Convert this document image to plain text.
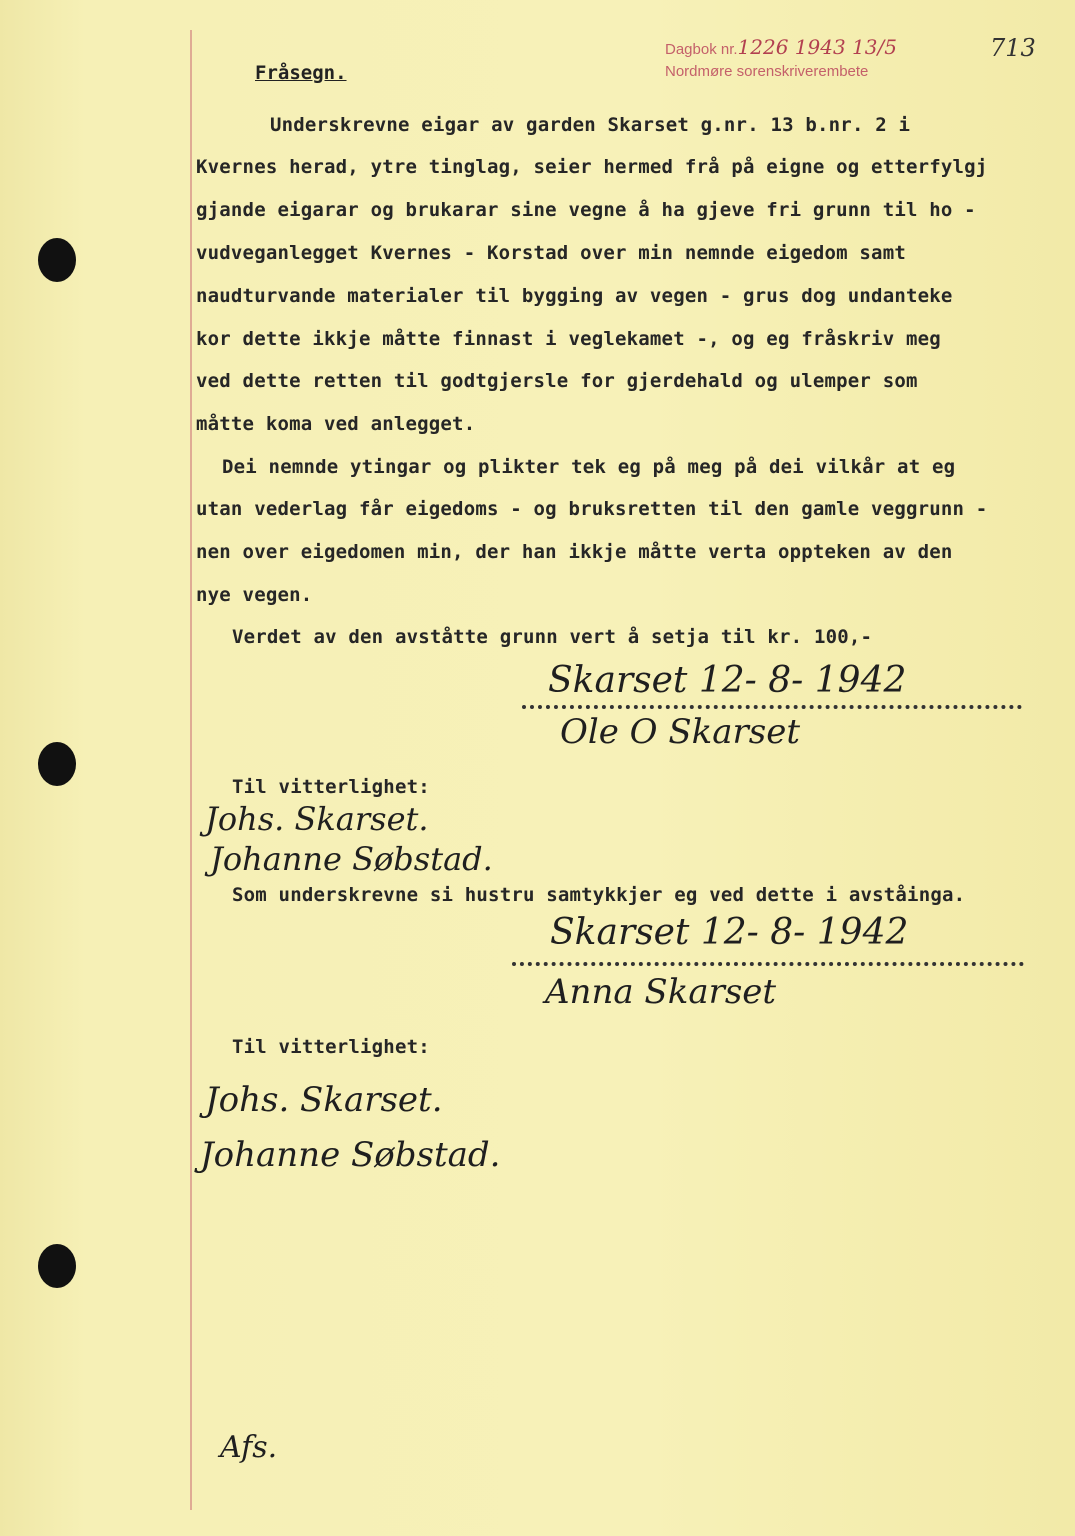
Dagbok nr.1226 1943 13/5
Nordmøre sorenskriverembete
713
Fråsegn.
Underskrevne eigar av garden Skarset g.nr. 13 b.nr. 2 i
Kvernes herad, ytre tinglag, seier hermed frå på eigne og etterfylgj
gjande eigarar og brukarar sine vegne å ha gjeve fri grunn til ho -
vudveganlegget Kvernes - Korstad over min nemnde eigedom samt
naudturvande materialer til bygging av vegen - grus dog undanteke
kor dette ikkje måtte finnast i veglekamet -, og eg fråskriv meg
ved dette retten til godtgjersle for gjerdehald og ulemper som
måtte koma ved anlegget.
Dei nemnde ytingar og plikter tek eg på meg på dei vilkår at eg
utan vederlag får eigedoms - og bruksretten til den gamle veggrunn -
nen over eigedomen min, der han ikkje måtte verta oppteken av den
nye vegen.
Verdet av den avståtte grunn vert å setja til kr. 100,-
Skarset 12- 8- 1942
Ole O Skarset
Til vitterlighet:
Johs. Skarset.
Johanne Søbstad.
Som underskrevne si hustru samtykkjer eg ved dette i avståinga.
Skarset 12- 8- 1942
Anna Skarset
Til vitterlighet:
Johs. Skarset.
Johanne Søbstad.
Afs.
